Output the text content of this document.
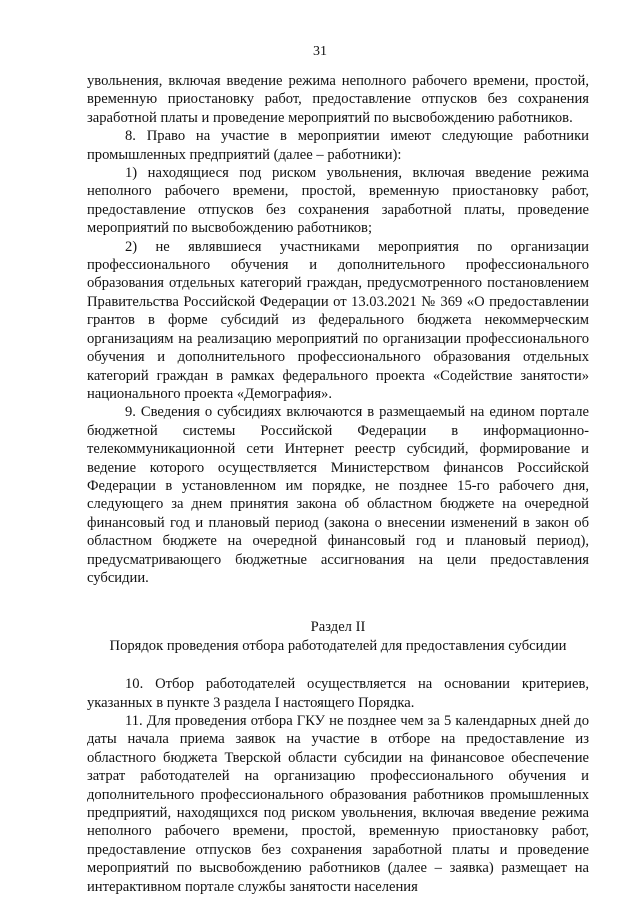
31

увольнения, включая введение режима неполного рабочего времени, простой, временную приостановку работ, предоставление отпусков без сохранения заработной платы и проведение мероприятий по высвобождению работников.

8. Право на участие в мероприятии имеют следующие работники промышленных предприятий (далее – работники):

1) находящиеся под риском увольнения, включая введение режима неполного рабочего времени, простой, временную приостановку работ, предоставление отпусков без сохранения заработной платы, проведение мероприятий по высвобождению работников;

2) не являвшиеся участниками мероприятия по организации профессионального обучения и дополнительного профессионального образования отдельных категорий граждан, предусмотренного постановлением Правительства Российской Федерации от 13.03.2021 № 369 «О предоставлении грантов в форме субсидий из федерального бюджета некоммерческим организациям на реализацию мероприятий по организации профессионального обучения и дополнительного профессионального образования отдельных категорий граждан в рамках федерального проекта «Содействие занятости» национального проекта «Демография».

9. Сведения о субсидиях включаются в размещаемый на едином портале бюджетной системы Российской Федерации в информационно-телекоммуникационной сети Интернет реестр субсидий, формирование и ведение которого осуществляется Министерством финансов Российской Федерации в установленном им порядке, не позднее 15-го рабочего дня, следующего за днем принятия закона об областном бюджете на очередной финансовый год и плановый период (закона о внесении изменений в закон об областном бюджете на очередной финансовый год и плановый период), предусматривающего бюджетные ассигнования на цели предоставления субсидии.

Раздел II
Порядок проведения отбора работодателей для предоставления субсидии

10. Отбор работодателей осуществляется на основании критериев, указанных в пункте 3 раздела I настоящего Порядка.

11. Для проведения отбора ГКУ не позднее чем за 5 календарных дней до даты начала приема заявок на участие в отборе на предоставление из областного бюджета Тверской области субсидии на финансовое обеспечение затрат работодателей на организацию профессионального обучения и дополнительного профессионального образования работников промышленных предприятий, находящихся под риском увольнения, включая введение режима неполного рабочего времени, простой, временную приостановку работ, предоставление отпусков без сохранения заработной платы и проведение мероприятий по высвобождению работников (далее – заявка) размещает на интерактивном портале службы занятости населения
